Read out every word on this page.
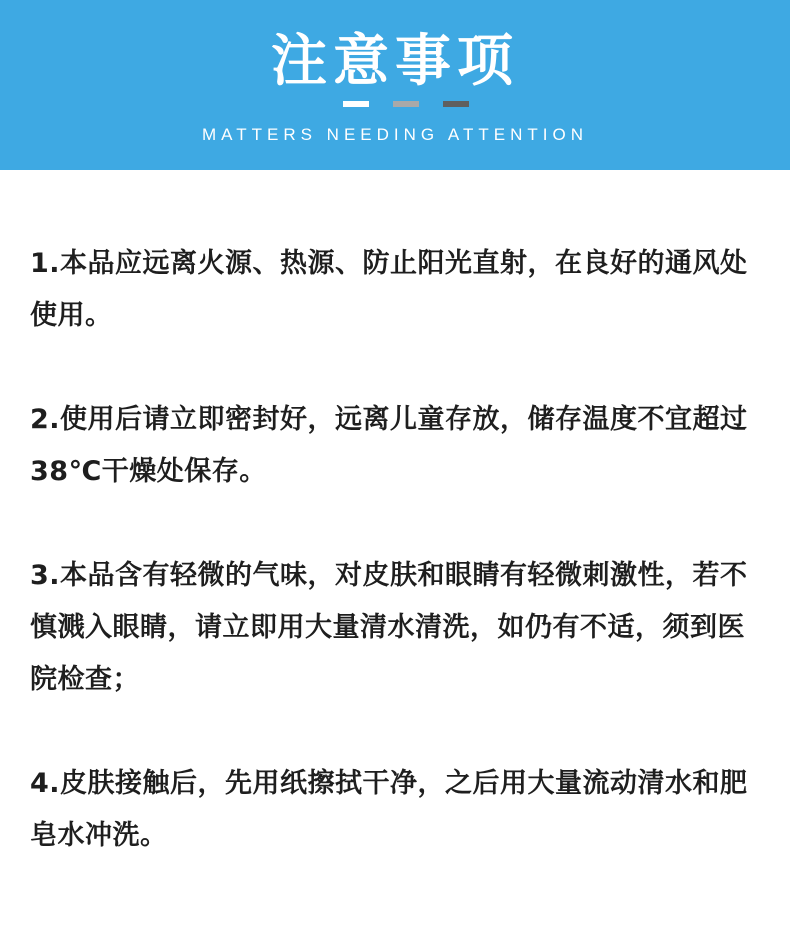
注意事项
MATTERS NEEDING ATTENTION

1.本品应远离火源、热源、防止阳光直射，在良好的通风处使用。

2.使用后请立即密封好，远离儿童存放，储存温度不宜超过38℃干燥处保存。

3.本品含有轻微的气味，对皮肤和眼睛有轻微刺激性，若不慎溅入眼睛，请立即用大量清水清洗，如仍有不适，须到医院检查；

4.皮肤接触后，先用纸擦拭干净，之后用大量流动清水和肥皂水冲洗。
